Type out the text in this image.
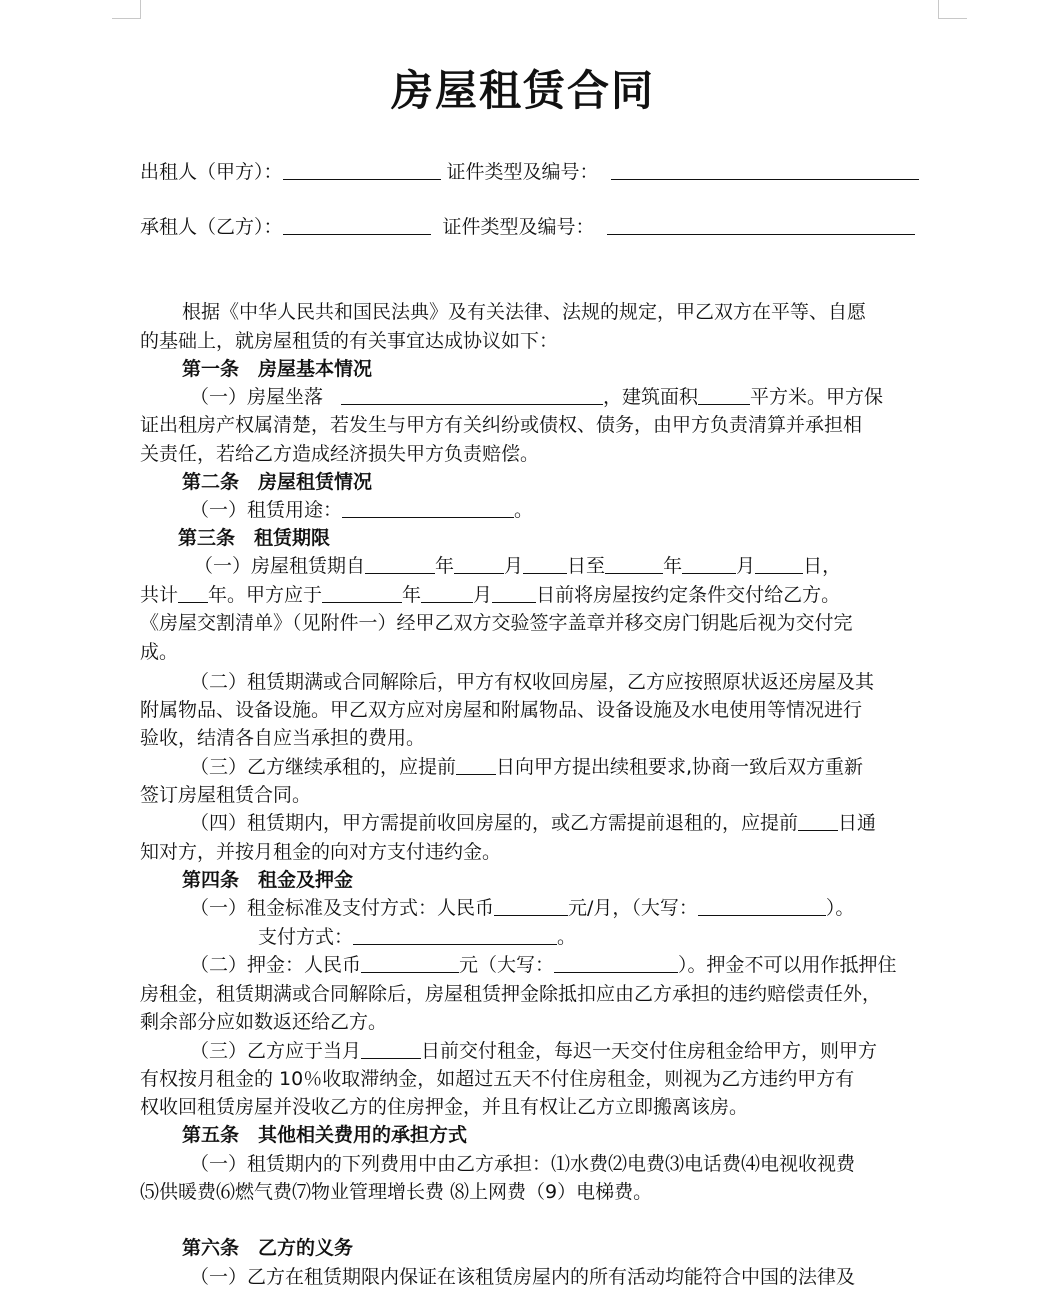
房屋租赁合同
出租人（甲方）：	证件类型及编号：
承租人（乙方）：	证件类型及编号：
根据《中华人民共和国民法典》及有关法律、法规的规定，甲乙双方在平等、自愿
的基础上，就房屋租赁的有关事宜达成协议如下：
第一条　房屋基本情况
（一）房屋坐落	，建筑面积	平方米。甲方保
证出租房产权属清楚，若发生与甲方有关纠纷或债权、债务，由甲方负责清算并承担相
关责任，若给乙方造成经济损失甲方负责赔偿。
第二条　房屋租赁情况
（一）租赁用途：	。
第三条　租赁期限
（一）房屋租赁期自	年	月 日至	年	月	日，
共计 年。甲方应于	年	月 日前将房屋按约定条件交付给乙方。
《房屋交割清单》（见附件一）经甲乙双方交验签字盖章并移交房门钥匙后视为交付完
成。
（二）租赁期满或合同解除后，甲方有权收回房屋，乙方应按照原状返还房屋及其
附属物品、设备设施。甲乙双方应对房屋和附属物品、设备设施及水电使用等情况进行
验收，结清各自应当承担的费用。
（三）乙方继续承租的，应提前 日向甲方提出续租要求,协商一致后双方重新
签订房屋租赁合同。
（四）租赁期内，甲方需提前收回房屋的，或乙方需提前退租的，应提前 日通
知对方，并按月租金的向对方支付违约金。
第四条　租金及押金
（一）租金标准及支付方式：人民币	元/月，（大写：	）。
支付方式：	。
（二）押金：人民币	元（大写：	）。押金不可以用作抵押住
房租金，租赁期满或合同解除后，房屋租赁押金除抵扣应由乙方承担的违约赔偿责任外，
剩余部分应如数返还给乙方。
（三）乙方应于当月	日前交付租金，每迟一天交付住房租金给甲方，则甲方
有权按月租金的 10％收取滞纳金，如超过五天不付住房租金，则视为乙方违约甲方有
权收回租赁房屋并没收乙方的住房押金，并且有权让乙方立即搬离该房。
第五条　其他相关费用的承担方式
（一）租赁期内的下列费用中由乙方承担：⑴水费⑵电费⑶电话费⑷电视收视费
⑸供暖费⑹燃气费⑺物业管理增长费 ⑻上网费（9）电梯费。
第六条　乙方的义务
（一）乙方在租赁期限内保证在该租赁房屋内的所有活动均能符合中国的法律及
